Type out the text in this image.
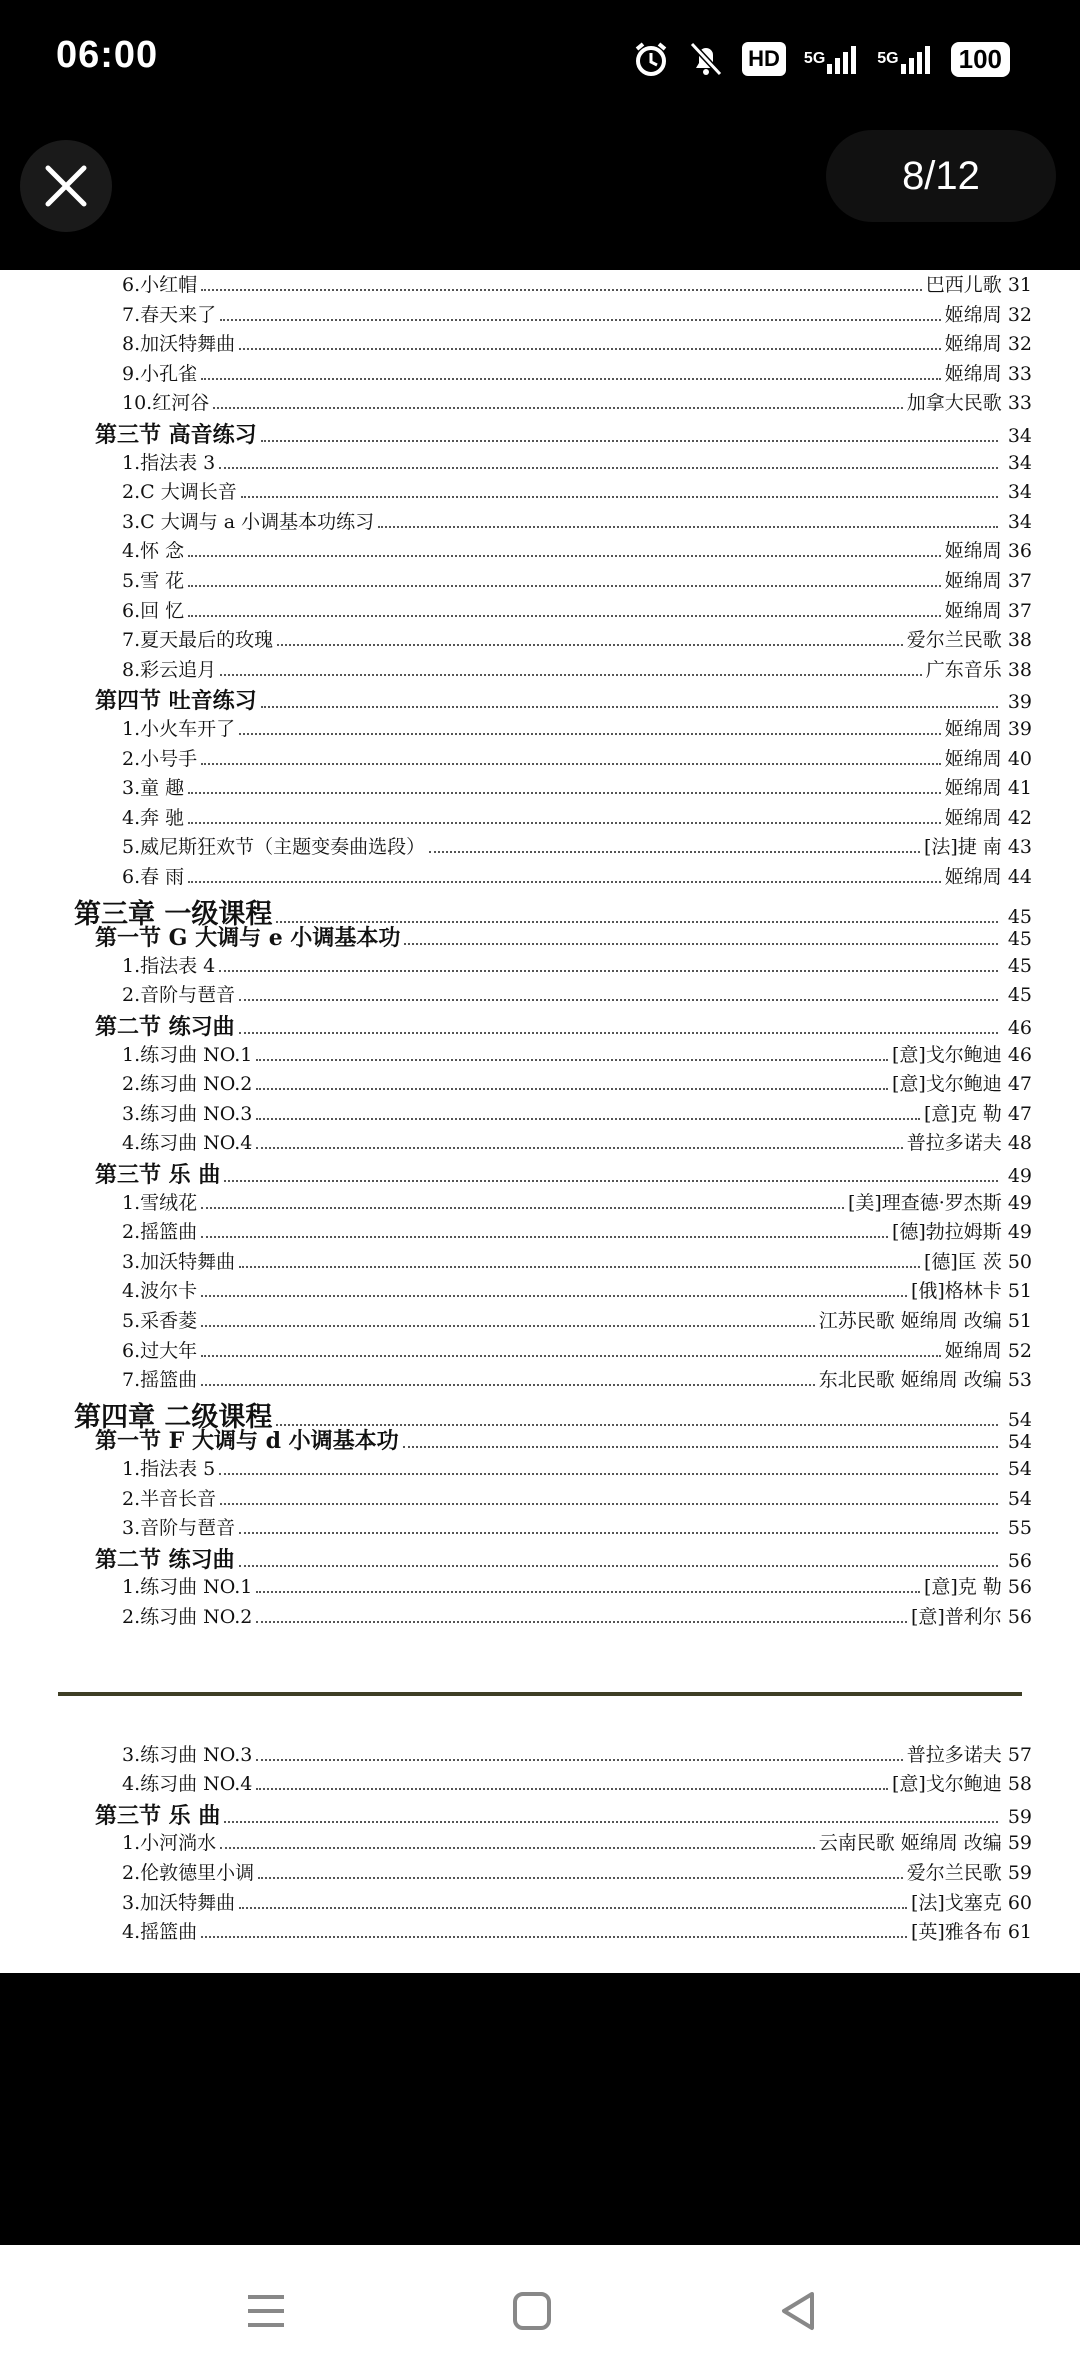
06:00	HD	5G	5G	100
8/12
6.小红帽	巴西儿歌 31
7.春天来了	姬绵周 32
8.加沃特舞曲	姬绵周 32
9.小孔雀	姬绵周 33
10.红河谷	加拿大民歌 33
第三节 高音练习	34
1.指法表 3	34
2.C 大调长音	34
3.C 大调与 a 小调基本功练习	34
4.怀 念	姬绵周 36
5.雪 花	姬绵周 37
6.回 忆	姬绵周 37
7.夏天最后的玫瑰	爱尔兰民歌 38
8.彩云追月	广东音乐 38
第四节 吐音练习	39
1.小火车开了	姬绵周 39
2.小号手	姬绵周 40
3.童 趣	姬绵周 41
4.奔 驰	姬绵周 42
5.威尼斯狂欢节（主题变奏曲选段）	[法]捷 南 43
6.春 雨	姬绵周 44
第三章 一级课程	45
第一节 G 大调与 e 小调基本功	45
1.指法表 4	45
2.音阶与琶音	45
第二节 练习曲	46
1.练习曲 NO.1	[意]戈尔鲍迪 46
2.练习曲 NO.2	[意]戈尔鲍迪 47
3.练习曲 NO.3	[意]克 勒 47
4.练习曲 NO.4	普拉多诺夫 48
第三节 乐 曲	49
1.雪绒花	[美]理查德·罗杰斯 49
2.摇篮曲	[德]勃拉姆斯 49
3.加沃特舞曲	[德]匡 茨 50
4.波尔卡	[俄]格林卡 51
5.采香菱	江苏民歌 姬绵周 改编 51
6.过大年	姬绵周 52
7.摇篮曲	东北民歌 姬绵周 改编 53
第四章 二级课程	54
第一节 F 大调与 d 小调基本功	54
1.指法表 5	54
2.半音长音	54
3.音阶与琶音	55
第二节 练习曲	56
1.练习曲 NO.1	[意]克 勒 56
2.练习曲 NO.2	[意]普利尔 56
3.练习曲 NO.3	普拉多诺夫 57
4.练习曲 NO.4	[意]戈尔鲍迪 58
第三节 乐 曲	59
1.小河淌水	云南民歌 姬绵周 改编 59
2.伦敦德里小调	爱尔兰民歌 59
3.加沃特舞曲	[法]戈塞克 60
4.摇篮曲	[英]雅各布 61
